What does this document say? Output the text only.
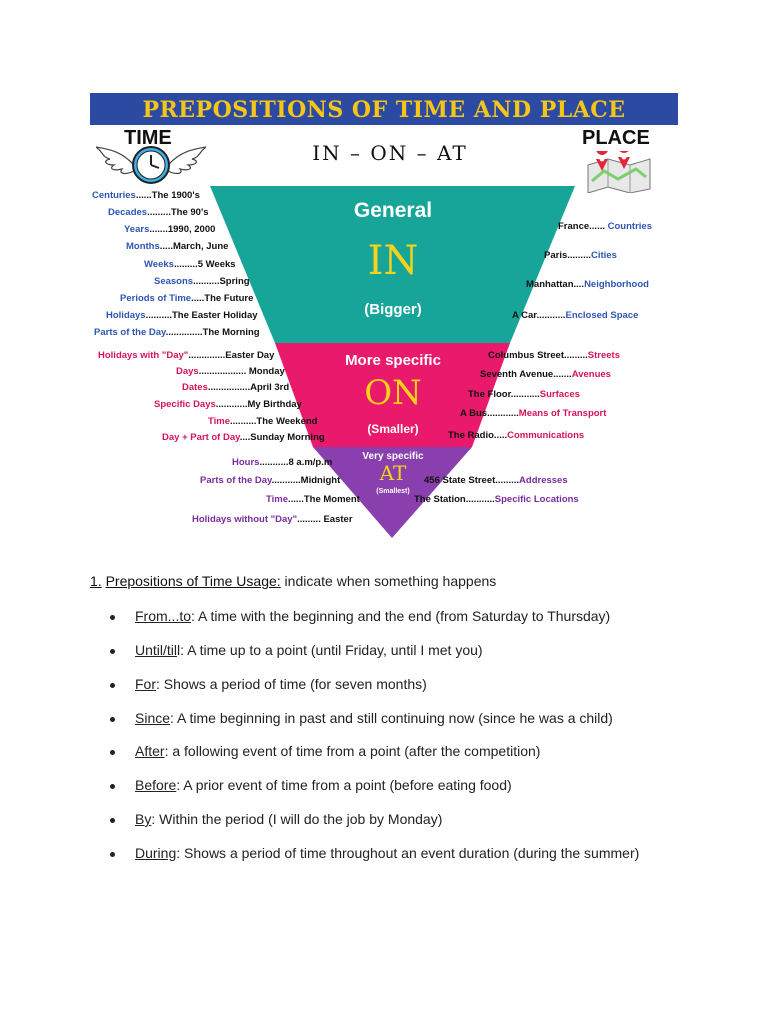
PREPOSITIONS OF TIME AND PLACE
TIME	PLACE
IN – ON – AT
General
IN
(Bigger)
More specific
ON
(Smaller)
Very specific
AT
(Smallest)
Centuries......The 1900's
Decades.........The 90's
Years.......1990, 2000
Months.....March, June
Weeks.........5 Weeks
Seasons..........Spring
Periods of Time.....The Future
Holidays..........The Easter Holiday
Parts of the Day..............The Morning
Holidays with "Day"..............Easter Day
Days.................. Monday
Dates................April 3rd
Specific Days............My Birthday
Time..........The Weekend
Day + Part of Day....Sunday Morning
Hours...........8 a.m/p.m
Parts of the Day...........Midnight
Time......The Moment
Holidays without "Day"......... Easter
France...... Countries
Paris.........Cities
Manhattan....Neighborhood
A Car...........Enclosed Space
Columbus Street.........Streets
Seventh Avenue.......Avenues
The Floor...........Surfaces
A Bus............Means of Transport
The Radio.....Communications
456 State Street.........Addresses
The Station...........Specific Locations
1. Prepositions of Time Usage: indicate when something happens
From...to: A time with the beginning and the end (from Saturday to Thursday)
Until/till: A time up to a point (until Friday, until I met you)
For: Shows a period of time (for seven months)
Since: A time beginning in past and still continuing now (since he was a child)
After: a following event of time from a point (after the competition)
Before: A prior event of time from a point (before eating food)
By: Within the period (I will do the job by Monday)
During: Shows a period of time throughout an event duration (during the summer)
